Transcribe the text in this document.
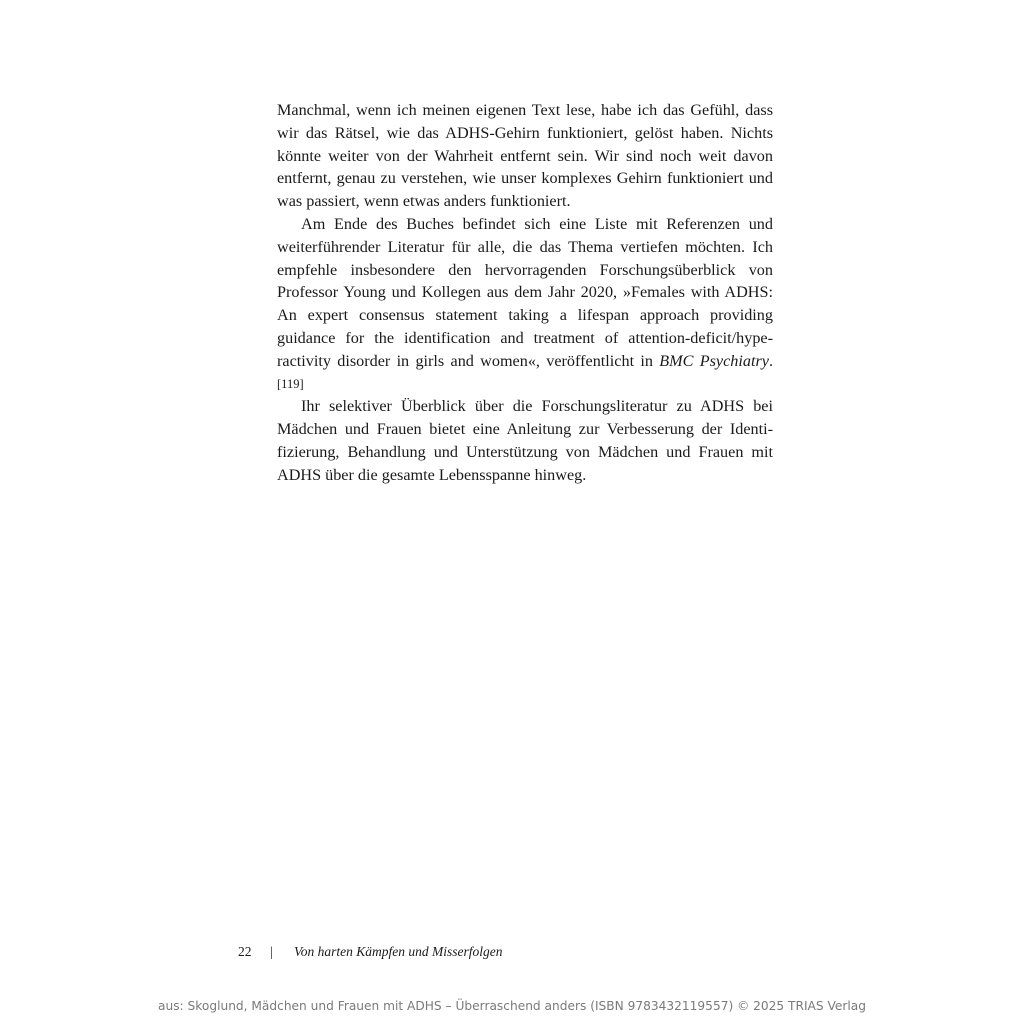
Manchmal, wenn ich meinen eigenen Text lese, habe ich das Gefühl, dass wir das Rätsel, wie das ADHS-Gehirn funktioniert, gelöst haben. Nichts könnte weiter von der Wahrheit entfernt sein. Wir sind noch weit davon entfernt, genau zu verstehen, wie unser komplexes Gehirn funktioniert und was passiert, wenn etwas anders funktioniert.

Am Ende des Buches befindet sich eine Liste mit Referenzen und weiterführender Literatur für alle, die das Thema vertiefen möchten. Ich empfehle insbesondere den hervorragenden Forschungsüberblick von Professor Young und Kollegen aus dem Jahr 2020, »Females with ADHS: An expert consensus statement taking a lifespan approach providing guidance for the identification and treatment of attention-deficit/hyperactivity disorder in girls and women«, veröffentlicht in BMC Psychiatry.[119]

Ihr selektiver Überblick über die Forschungsliteratur zu ADHS bei Mädchen und Frauen bietet eine Anleitung zur Verbesserung der Identifizierung, Behandlung und Unterstützung von Mädchen und Frauen mit ADHS über die gesamte Lebensspanne hinweg.

22	|	Von harten Kämpfen und Misserfolgen
aus: Skoglund, Mädchen und Frauen mit ADHS – Überraschend anders (ISBN 9783432119557) © 2025 TRIAS Verlag
